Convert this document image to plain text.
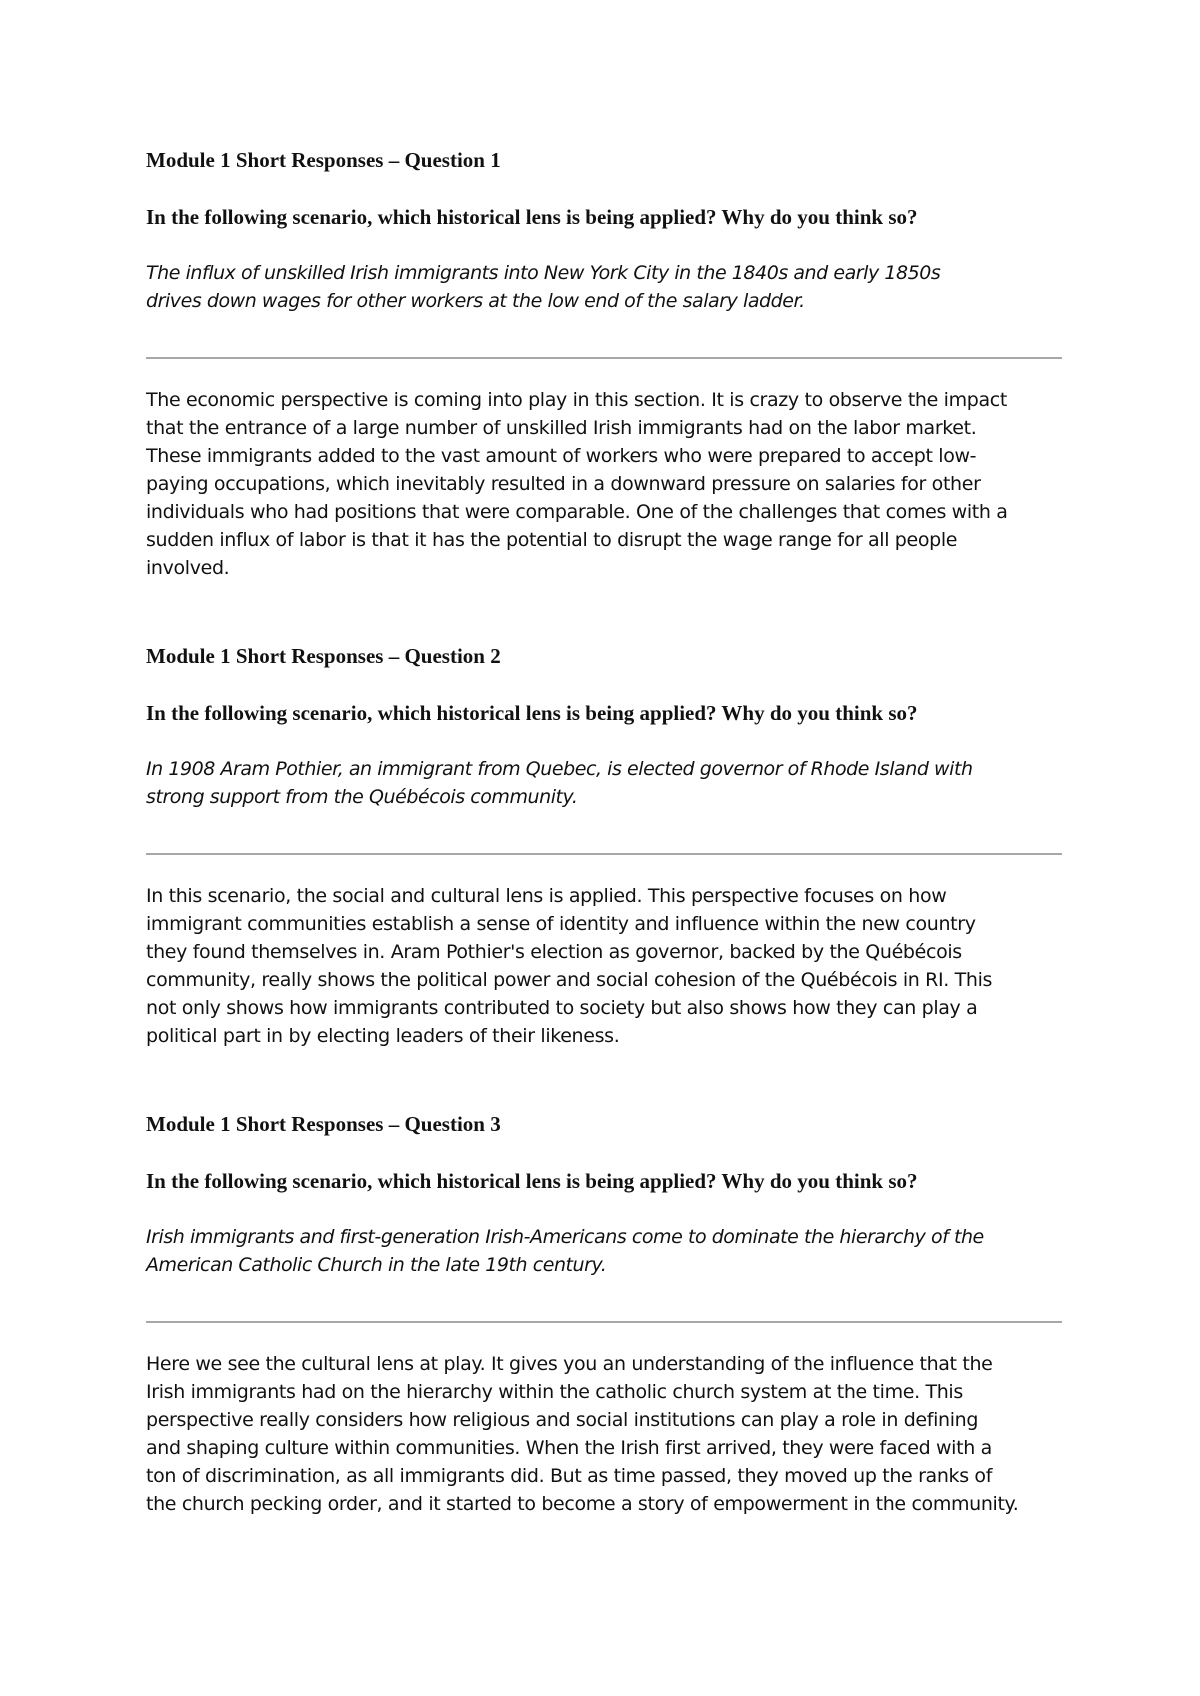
Module 1 Short Responses – Question 1

In the following scenario, which historical lens is being applied? Why do you think so?

The influx of unskilled Irish immigrants into New York City in the 1840s and early 1850s
drives down wages for other workers at the low end of the salary ladder.

The economic perspective is coming into play in this section. It is crazy to observe the impact
that the entrance of a large number of unskilled Irish immigrants had on the labor market.
These immigrants added to the vast amount of workers who were prepared to accept low-
paying occupations, which inevitably resulted in a downward pressure on salaries for other
individuals who had positions that were comparable. One of the challenges that comes with a
sudden influx of labor is that it has the potential to disrupt the wage range for all people
involved.

Module 1 Short Responses – Question 2

In the following scenario, which historical lens is being applied? Why do you think so?

In 1908 Aram Pothier, an immigrant from Quebec, is elected governor of Rhode Island with
strong support from the Québécois community.

In this scenario, the social and cultural lens is applied. This perspective focuses on how
immigrant communities establish a sense of identity and influence within the new country
they found themselves in. Aram Pothier's election as governor, backed by the Québécois
community, really shows the political power and social cohesion of the Québécois in RI. This
not only shows how immigrants contributed to society but also shows how they can play a
political part in by electing leaders of their likeness.

Module 1 Short Responses – Question 3

In the following scenario, which historical lens is being applied? Why do you think so?

Irish immigrants and first-generation Irish-Americans come to dominate the hierarchy of the
American Catholic Church in the late 19th century.

Here we see the cultural lens at play. It gives you an understanding of the influence that the
Irish immigrants had on the hierarchy within the catholic church system at the time. This
perspective really considers how religious and social institutions can play a role in defining
and shaping culture within communities. When the Irish first arrived, they were faced with a
ton of discrimination, as all immigrants did. But as time passed, they moved up the ranks of
the church pecking order, and it started to become a story of empowerment in the community.
